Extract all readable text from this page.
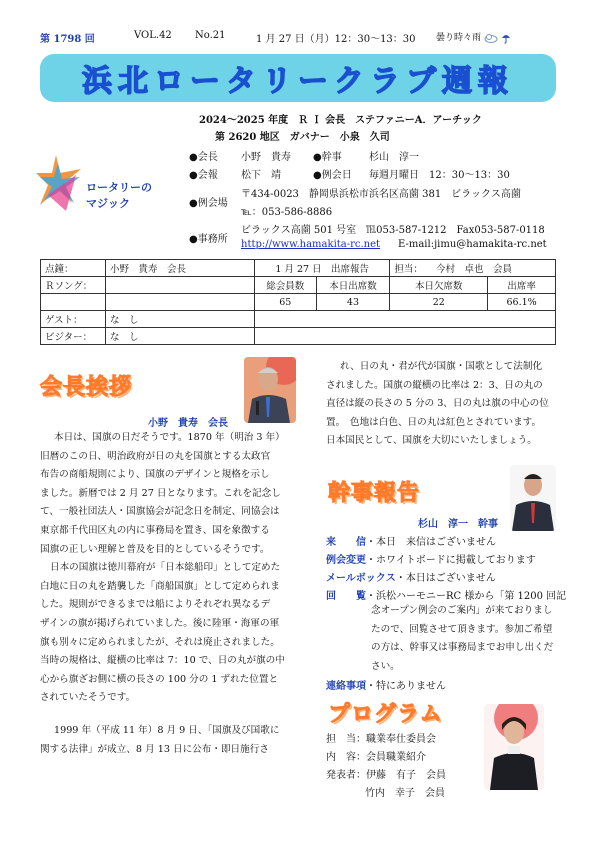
第 1798 回	VOL.42 No.21	1 月 27 日（月）12：30～13：30 曇り時々雨
浜北ロータリークラブ週報
2024～2025 年度　Ｒ Ｉ 会長　ステファニーA．アーチック
第 2620 地区　ガバナー　小泉　久司
ロータリーの
マジック
●会長 小野　貴寿 ●幹事	杉山　淳一
●会報 松下　靖	●例会日 毎週月曜日　12：30～13：30
●例会場
〒434-0023　静岡県浜松市浜名区高薗 381　ビラックス高薗
℡：053-586-8886
●事務所
ビラックス高薗 501 号室　℡053-587-1212　Fax053-587-0118
http://www.hamakita-rc.net E-mail:jimu@hamakita-rc.net
点鐘：	小野　貴寿　会長	1 月 27 日　出席報告		担当： 今村　卓也　会員	
Ｒソング：		総会員数	本日出席数	本日欠席数	出席率
		65	43	22	66.1%
ゲスト：	な　し				
ビジター：	な　し				
会長挨拶
小野　貴寿　会長
本日は、国旗の日だそうです。1870 年（明治 3 年）
旧暦のこの日、明治政府が日の丸を国旗とする太政官
布告の商船規則により、国旗のデザインと規格を示し
ました。新暦では 2 月 27 日となります。これを記念し
て、一般社団法人・国旗協会が記念日を制定、同協会は
東京都千代田区丸の内に事務局を置き、国を象徴する
国旗の正しい理解と普及を目的としているそうです。
日本の国旗は徳川幕府が「日本総船印」として定めた
白地に日の丸を踏襲した「商船国旗」として定められま
した。規則ができるまでは船によりそれぞれ異なるデ
ザインの旗が掲げられていました。後に陸軍・海軍の軍
旗も別々に定められましたが、それは廃止されました。
当時の規格は、縦横の比率は 7：10 で、日の丸が旗の中
心から旗ざお側に横の長さの 100 分の 1 ずれた位置と
されていたそうです。
1999 年（平成 11 年）8 月 9 日、「国旗及び国歌に
関する法律」が成立、8 月 13 日に公布・即日施行さ
れ、日の丸・君が代が国旗・国歌として法制化
されました。国旗の縦横の比率は 2：3、日の丸の
直径は縦の長さの 5 分の 3、日の丸は旗の中心の位
置。　色地は白色、日の丸は紅色とされています。
日本国民として、国旗を大切にいたしましょう。
幹事報告
杉山　淳一　幹事
来　　信・本日　来信はございません
例会変更・ホワイトボードに掲載しております
メールボックス・本日はございません
回　　覧・浜松ハーモニーRC 様から「第 1200 回記
念オープン例会のご案内」が来ておりまし
たので、回覧させて頂きます。参加ご希望
の方は、幹事又は事務局までお申し出くだ
さい。
連絡事項・特にありません
プログラム
担　当：職業奉仕委員会
内　容：会員職業紹介
発表者：伊藤　有子　会員
竹内　幸子　会員
